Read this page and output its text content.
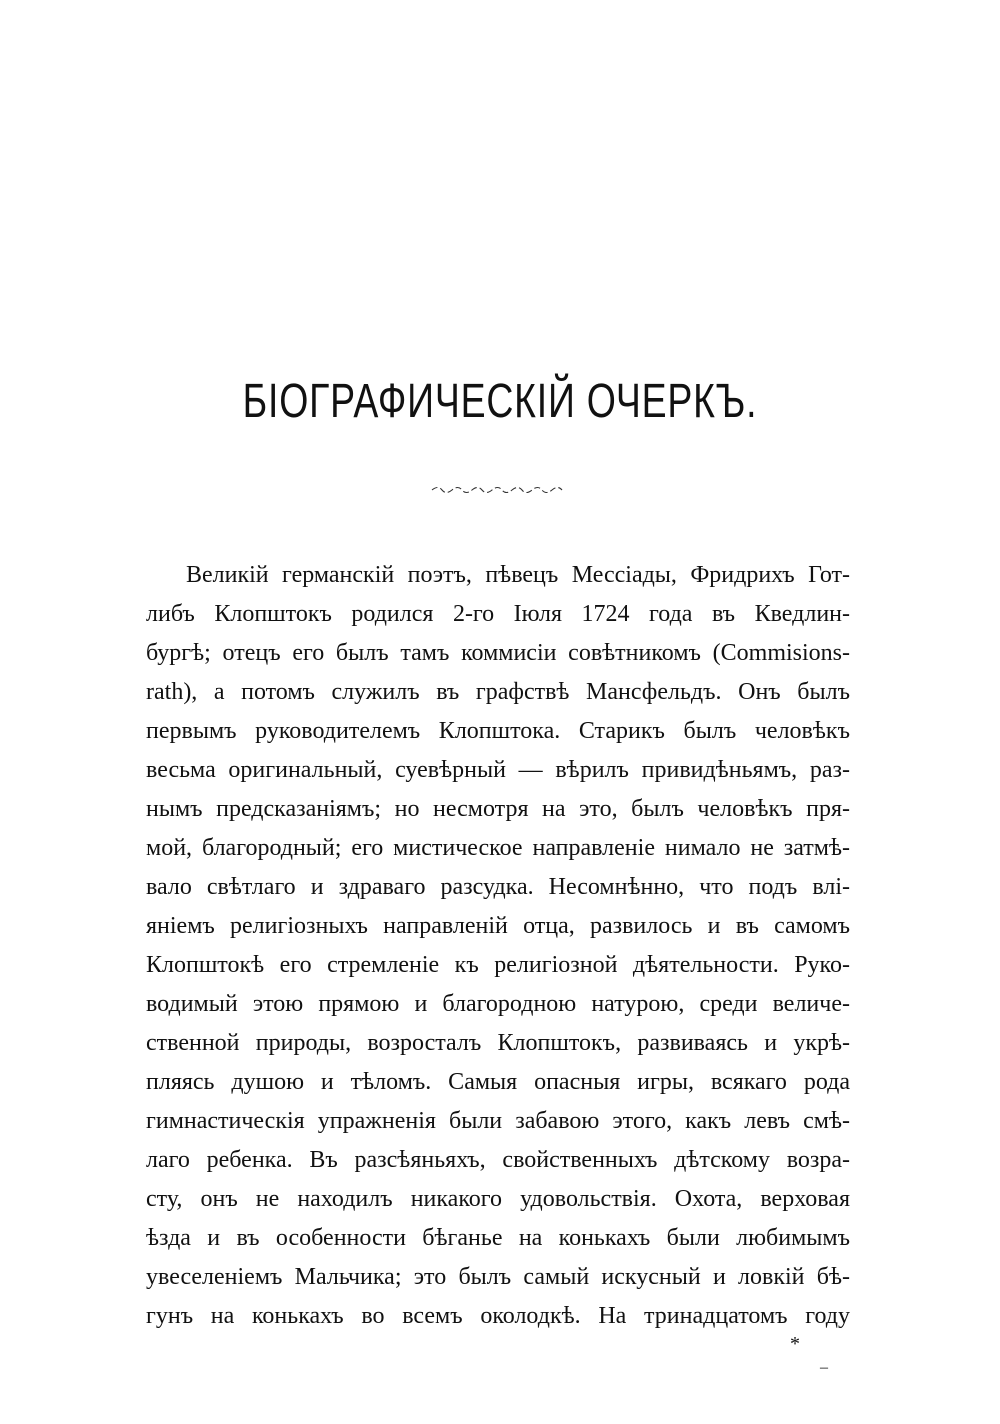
БІОГРАФИЧЕСКІЙ ОЧЕРКЪ.
Великій германскій поэтъ, пѣвецъ Мессіады, Фридрихъ Гот-
либъ Клопштокъ родился 2-го Іюля 1724 года въ Кведлин-
бургѣ; отецъ его былъ тамъ коммисіи совѣтникомъ (Commisions-
rath), а потомъ служилъ въ графствѣ Мансфельдъ. Онъ былъ
первымъ руководителемъ Клопштока. Старикъ былъ человѣкъ
весьма оригинальный, суевѣрный — вѣрилъ привидѣньямъ, раз-
нымъ предсказаніямъ; но несмотря на это, былъ человѣкъ пря-
мой, благородный; его мистическое направленіе нимало не затмѣ-
вало свѣтлаго и здраваго разсудка. Несомнѣнно, что подъ влі-
яніемъ религіозныхъ направленій отца, развилось и въ самомъ
Клопштокѣ его стремленіе къ религіозной дѣятельности. Руко-
водимый этою прямою и благородною натурою, среди величе-
ственной природы, возросталъ Клопштокъ, развиваясь и укрѣ-
пляясь душою и тѣломъ. Самыя опасныя игры, всякаго рода
гимнастическія упражненія были забавою этого, какъ левъ смѣ-
лаго ребенка. Въ разсѣяньяхъ, свойственныхъ дѣтскому возра-
сту, онъ не находилъ никакого удовольствія. Охота, верховая
ѣзда и въ особенности бѣганье на конькахъ были любимымъ
увеселеніемъ Мальчика; это былъ самый искусный и ловкій бѣ-
гунъ на конькахъ во всемъ околодкѣ. На тринадцатомъ году
*
–
